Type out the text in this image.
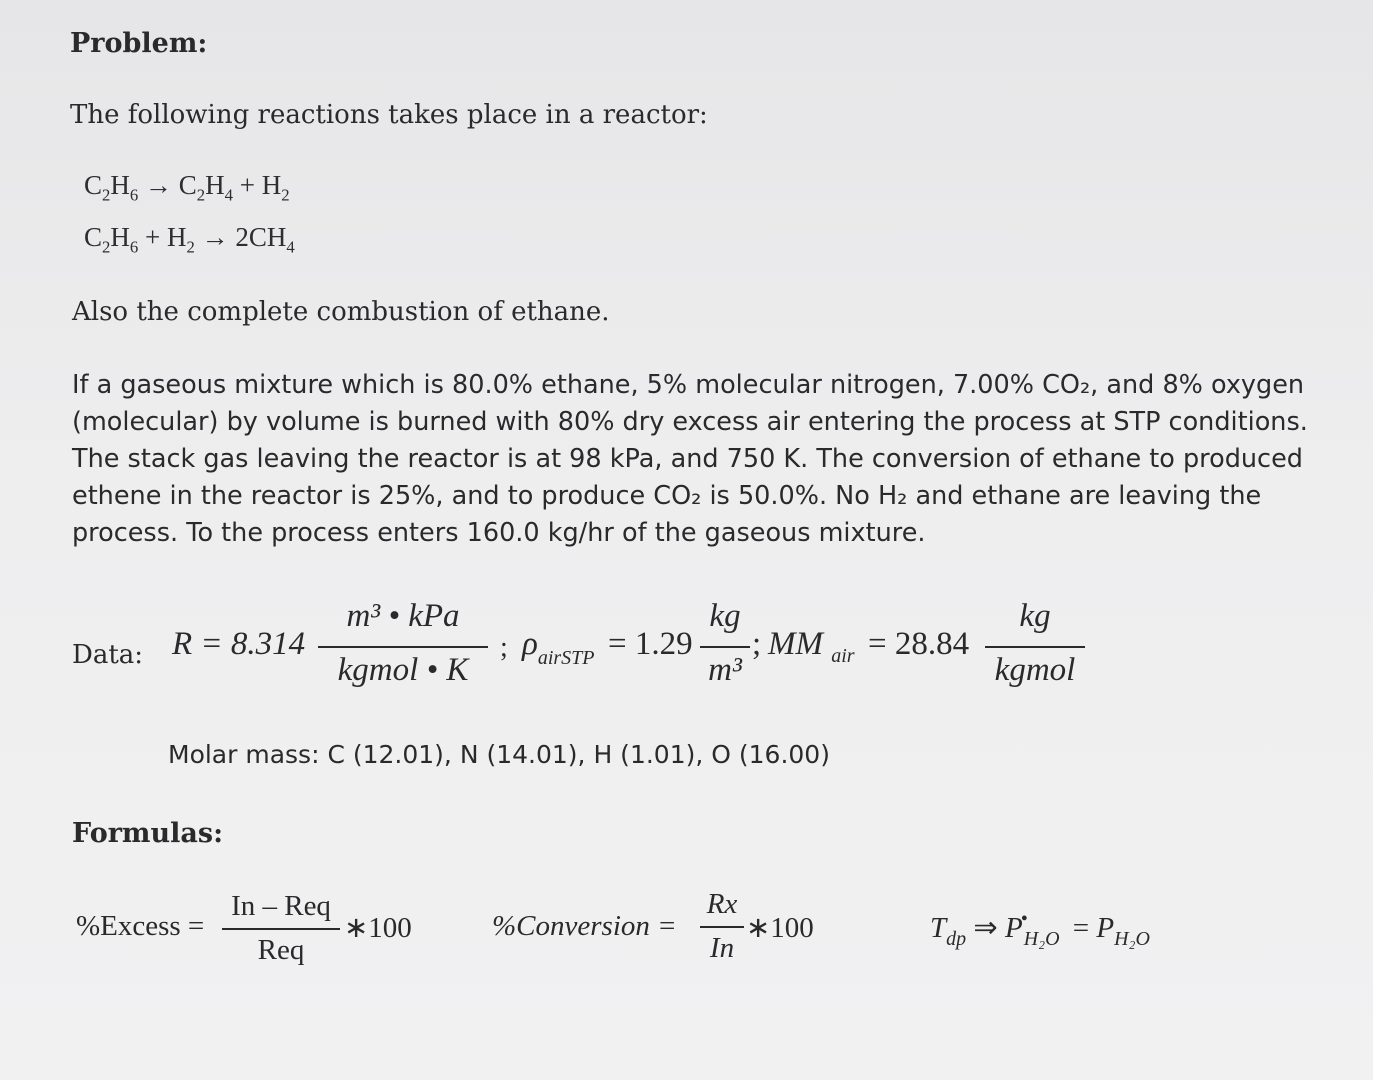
Problem:
The following reactions takes place in a reactor:
$C_2H_6 \to C_2H_4 + H_2$
$C_2H_6 + H_2 \to 2CH_4$
Also the complete combustion of ethane.
If a gaseous mixture which is 80.0% ethane, 5% molecular nitrogen, 7.00% CO₂, and 8% oxygen (molecular) by volume is burned with 80% dry excess air entering the process at STP conditions. The stack gas leaving the reactor is at 98 kPa, and 750 K. The conversion of ethane to produced ethene in the reactor is 25%, and to produce CO₂ is 50.0%. No H₂ and ethane are leaving the process. To the process enters 160.0 kg/hr of the gaseous mixture.
Data: R = 8.314
m³ • kPa
kgmol • K
; $\rho_{airSTP} = 1.29$
kg
m³
; MM $_{air}$ = 28.84
kg
kgmol
Molar mass: C (12.01), N (14.01), H (1.01), O (16.00)
Formulas:
%Excess =
In – Req
Req
∗100	%Conversion =
Rx
In
∗100	$T_{dp}$ ⇒ $P^•_{H_2O} = P_{H_2O}$
